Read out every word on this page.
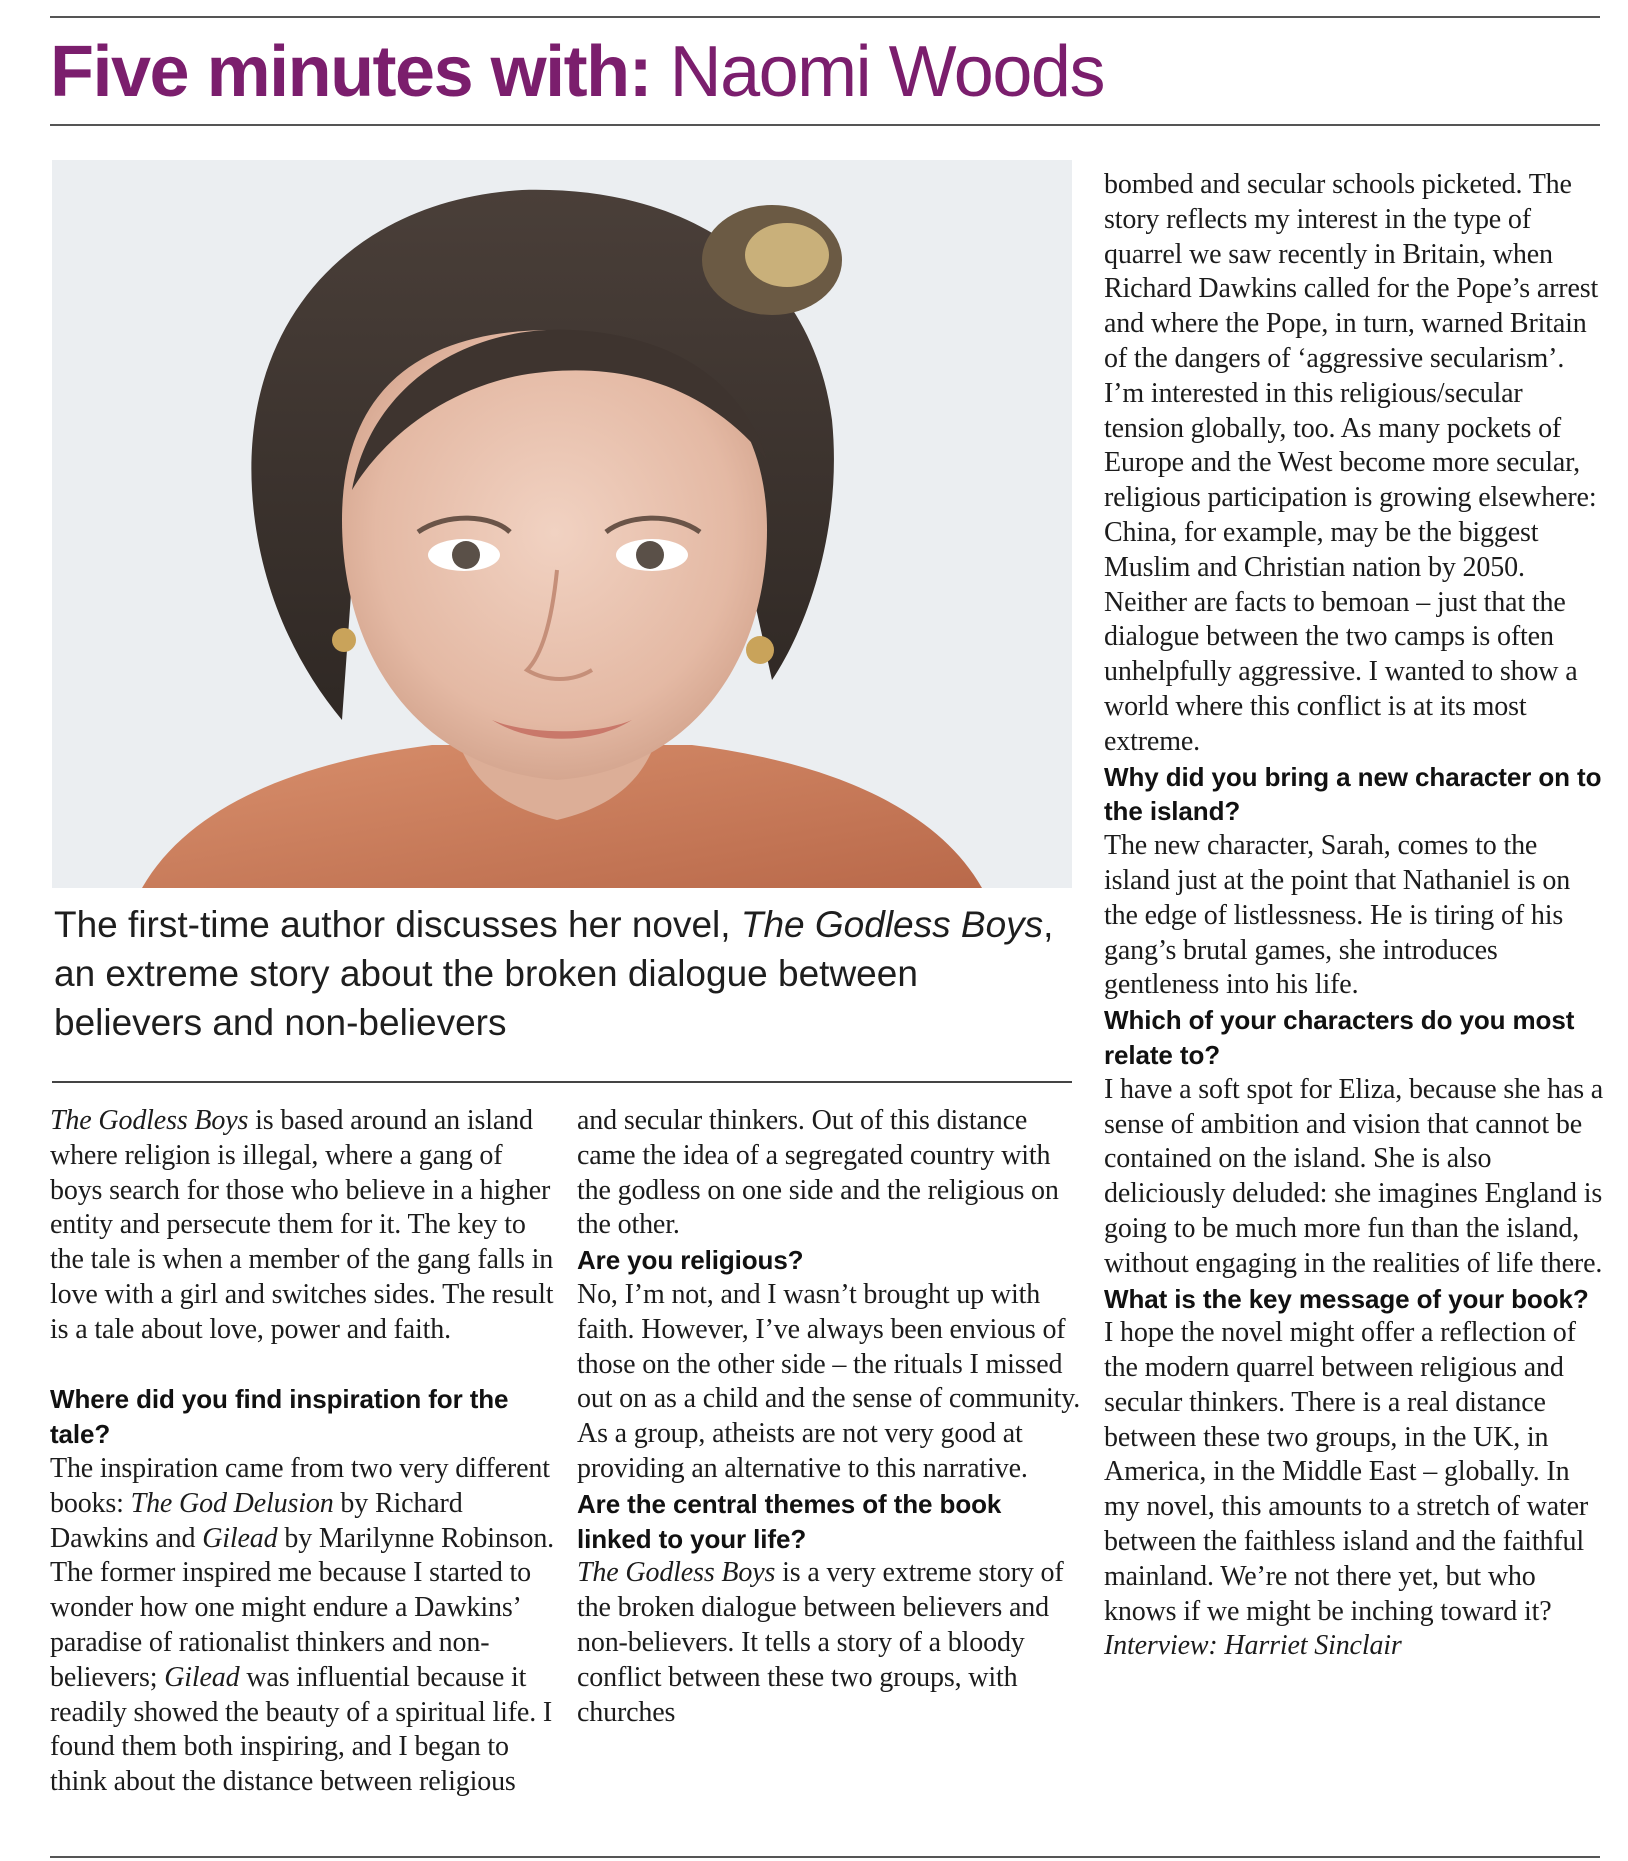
Five minutes with: Naomi Woods
The first-time author discusses her novel, The Godless Boys, an extreme story about the broken dialogue between believers and non-believers

The Godless Boys is based around an island where religion is illegal, where a gang of boys search for those who believe in a higher entity and persecute them for it. The key to the tale is when a member of the gang falls in love with a girl and switches sides. The result is a tale about love, power and faith.

Where did you find inspiration for the tale?

The inspiration came from two very different books: The God Delusion by Richard Dawkins and Gilead by Marilynne Robinson. The former inspired me because I started to wonder how one might endure a Dawkins’ paradise of rationalist thinkers and non-believers; Gilead was influential because it readily showed the beauty of a spiritual life. I found them both inspiring, and I began to think about the distance between religious and secular thinkers. Out of this distance came the idea of a segregated country with the godless on one side and the religious on the other.

Are you religious?

No, I’m not, and I wasn’t brought up with faith. However, I’ve always been envious of those on the other side – the rituals I missed out on as a child and the sense of community. As a group, atheists are not very good at providing an alternative to this narrative.

Are the central themes of the book linked to your life?

The Godless Boys is a very extreme story of the broken dialogue between believers and non-believers. It tells a story of a bloody conflict between these two groups, with churches

bombed and secular schools picketed. The story reflects my interest in the type of quarrel we saw recently in Britain, when Richard Dawkins called for the Pope’s arrest and where the Pope, in turn, warned Britain of the dangers of ‘aggressive secularism’. I’m interested in this religious/secular tension globally, too. As many pockets of Europe and the West become more secular, religious participation is growing elsewhere: China, for example, may be the biggest Muslim and Christian nation by 2050. Neither are facts to bemoan – just that the dialogue between the two camps is often unhelpfully aggressive. I wanted to show a world where this conflict is at its most extreme.

Why did you bring a new character on to the island?

The new character, Sarah, comes to the island just at the point that Nathaniel is on the edge of listlessness. He is tiring of his gang’s brutal games, she introduces gentleness into his life.

Which of your characters do you most relate to?

I have a soft spot for Eliza, because she has a sense of ambition and vision that cannot be contained on the island. She is also deliciously deluded: she imagines England is going to be much more fun than the island, without engaging in the realities of life there.

What is the key message of your book?

I hope the novel might offer a reflection of the modern quarrel between religious and secular thinkers. There is a real distance between these two groups, in the UK, in America, in the Middle East – globally. In my novel, this amounts to a stretch of water between the faithless island and the faithful mainland. We’re not there yet, but who knows if we might be inching toward it? Interview: Harriet Sinclair
